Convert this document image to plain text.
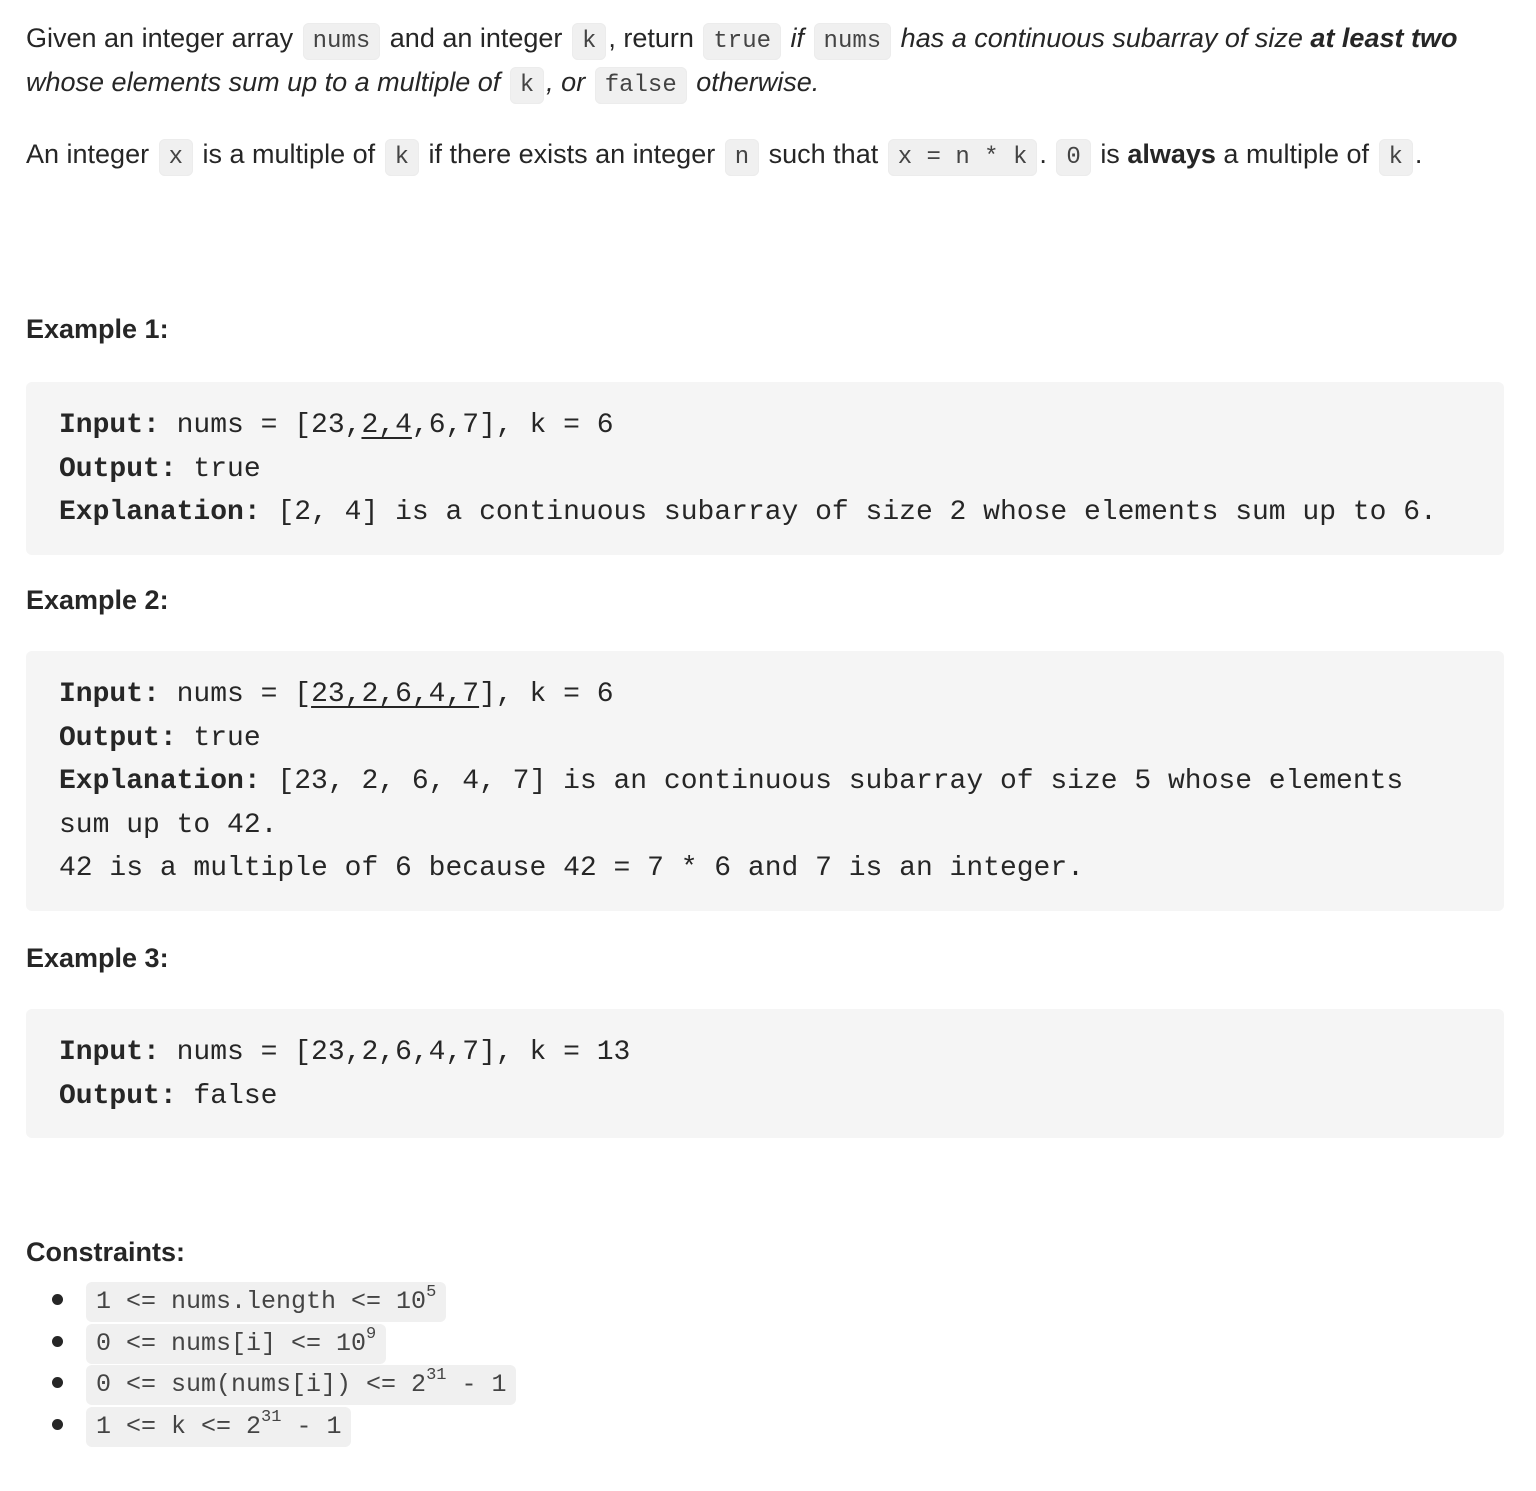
Given an integer array nums and an integer k , return true if nums has a continuous subarray of size at least two whose elements sum up to a multiple of k , or false otherwise.

An integer x is a multiple of k if there exists an integer n such that x = n * k . 0 is always a multiple of k .

Example 1:

Input: nums = [23,2,4,6,7], k = 6
Output: true
Explanation: [2, 4] is a continuous subarray of size 2 whose elements sum up to 6.

Example 2:

Input: nums = [23,2,6,4,7], k = 6
Output: true
Explanation: [23, 2, 6, 4, 7] is an continuous subarray of size 5 whose elements
sum up to 42.
42 is a multiple of 6 because 42 = 7 * 6 and 7 is an integer.

Example 3:

Input: nums = [23,2,6,4,7], k = 13
Output: false

Constraints:

1 <= nums.length <= $10^5$
0 <= nums[i] <= $10^9$
0 <= sum(nums[i]) <= $2^{31} - 1$
$1 <= k <= 2^{31} - 1$
